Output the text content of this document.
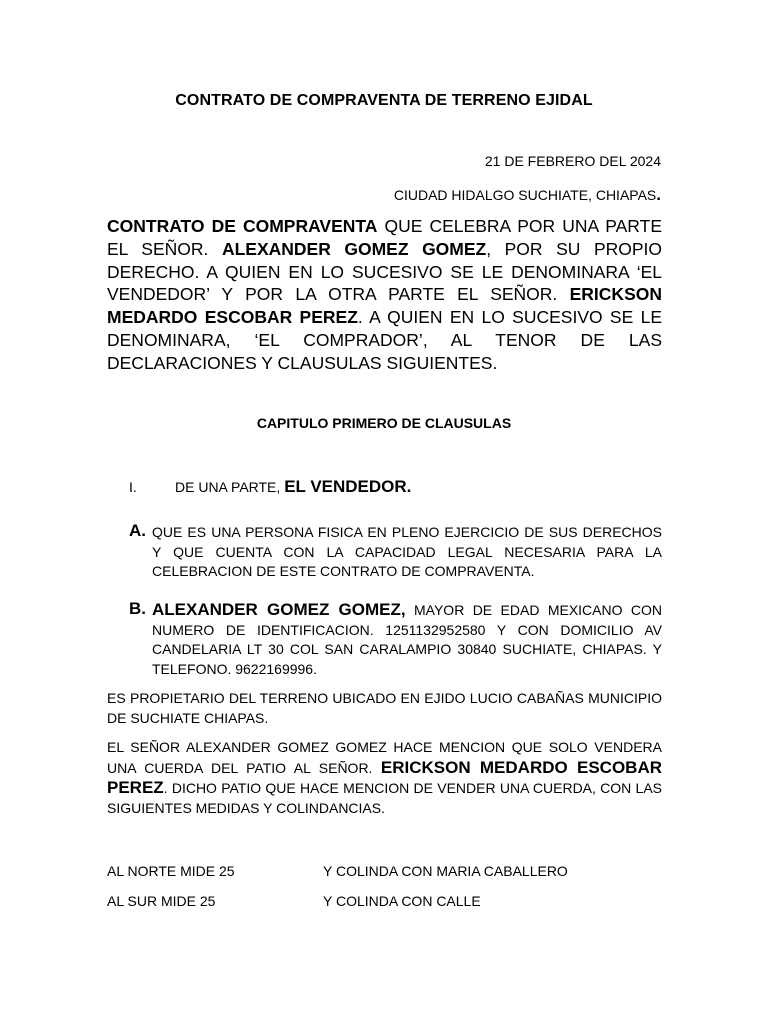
CONTRATO DE COMPRAVENTA DE TERRENO EJIDAL
21 DE FEBRERO DEL 2024
CIUDAD HIDALGO SUCHIATE, CHIAPAS.
CONTRATO DE COMPRAVENTA QUE CELEBRA POR UNA PARTE EL SEÑOR. ALEXANDER GOMEZ GOMEZ, POR SU PROPIO DERECHO. A QUIEN EN LO SUCESIVO SE LE DENOMINARA ‘EL VENDEDOR’ Y POR LA OTRA PARTE EL SEÑOR. ERICKSON MEDARDO ESCOBAR PEREZ. A QUIEN EN LO SUCESIVO SE LE DENOMINARA, ‘EL COMPRADOR’, AL TENOR DE LAS DECLARACIONES Y CLAUSULAS SIGUIENTES.
CAPITULO PRIMERO DE CLAUSULAS
I.	DE UNA PARTE, EL VENDEDOR.
A. QUE ES UNA PERSONA FISICA EN PLENO EJERCICIO DE SUS DERECHOS Y QUE CUENTA CON LA CAPACIDAD LEGAL NECESARIA PARA LA CELEBRACION DE ESTE CONTRATO DE COMPRAVENTA.
B. ALEXANDER GOMEZ GOMEZ, MAYOR DE EDAD MEXICANO CON NUMERO DE IDENTIFICACION. 1251132952580 Y CON DOMICILIO AV CANDELARIA LT 30 COL SAN CARALAMPIO 30840 SUCHIATE, CHIAPAS. Y TELEFONO. 9622169996.
ES PROPIETARIO DEL TERRENO UBICADO EN EJIDO LUCIO CABAÑAS MUNICIPIO DE SUCHIATE CHIAPAS.
EL SEÑOR ALEXANDER GOMEZ GOMEZ HACE MENCION QUE SOLO VENDERA UNA CUERDA DEL PATIO AL SEÑOR. ERICKSON MEDARDO ESCOBAR PEREZ. DICHO PATIO QUE HACE MENCION DE VENDER UNA CUERDA, CON LAS SIGUIENTES MEDIDAS Y COLINDANCIAS.
AL NORTE MIDE 25	Y COLINDA CON MARIA CABALLERO
AL SUR MIDE 25	Y COLINDA CON CALLE
